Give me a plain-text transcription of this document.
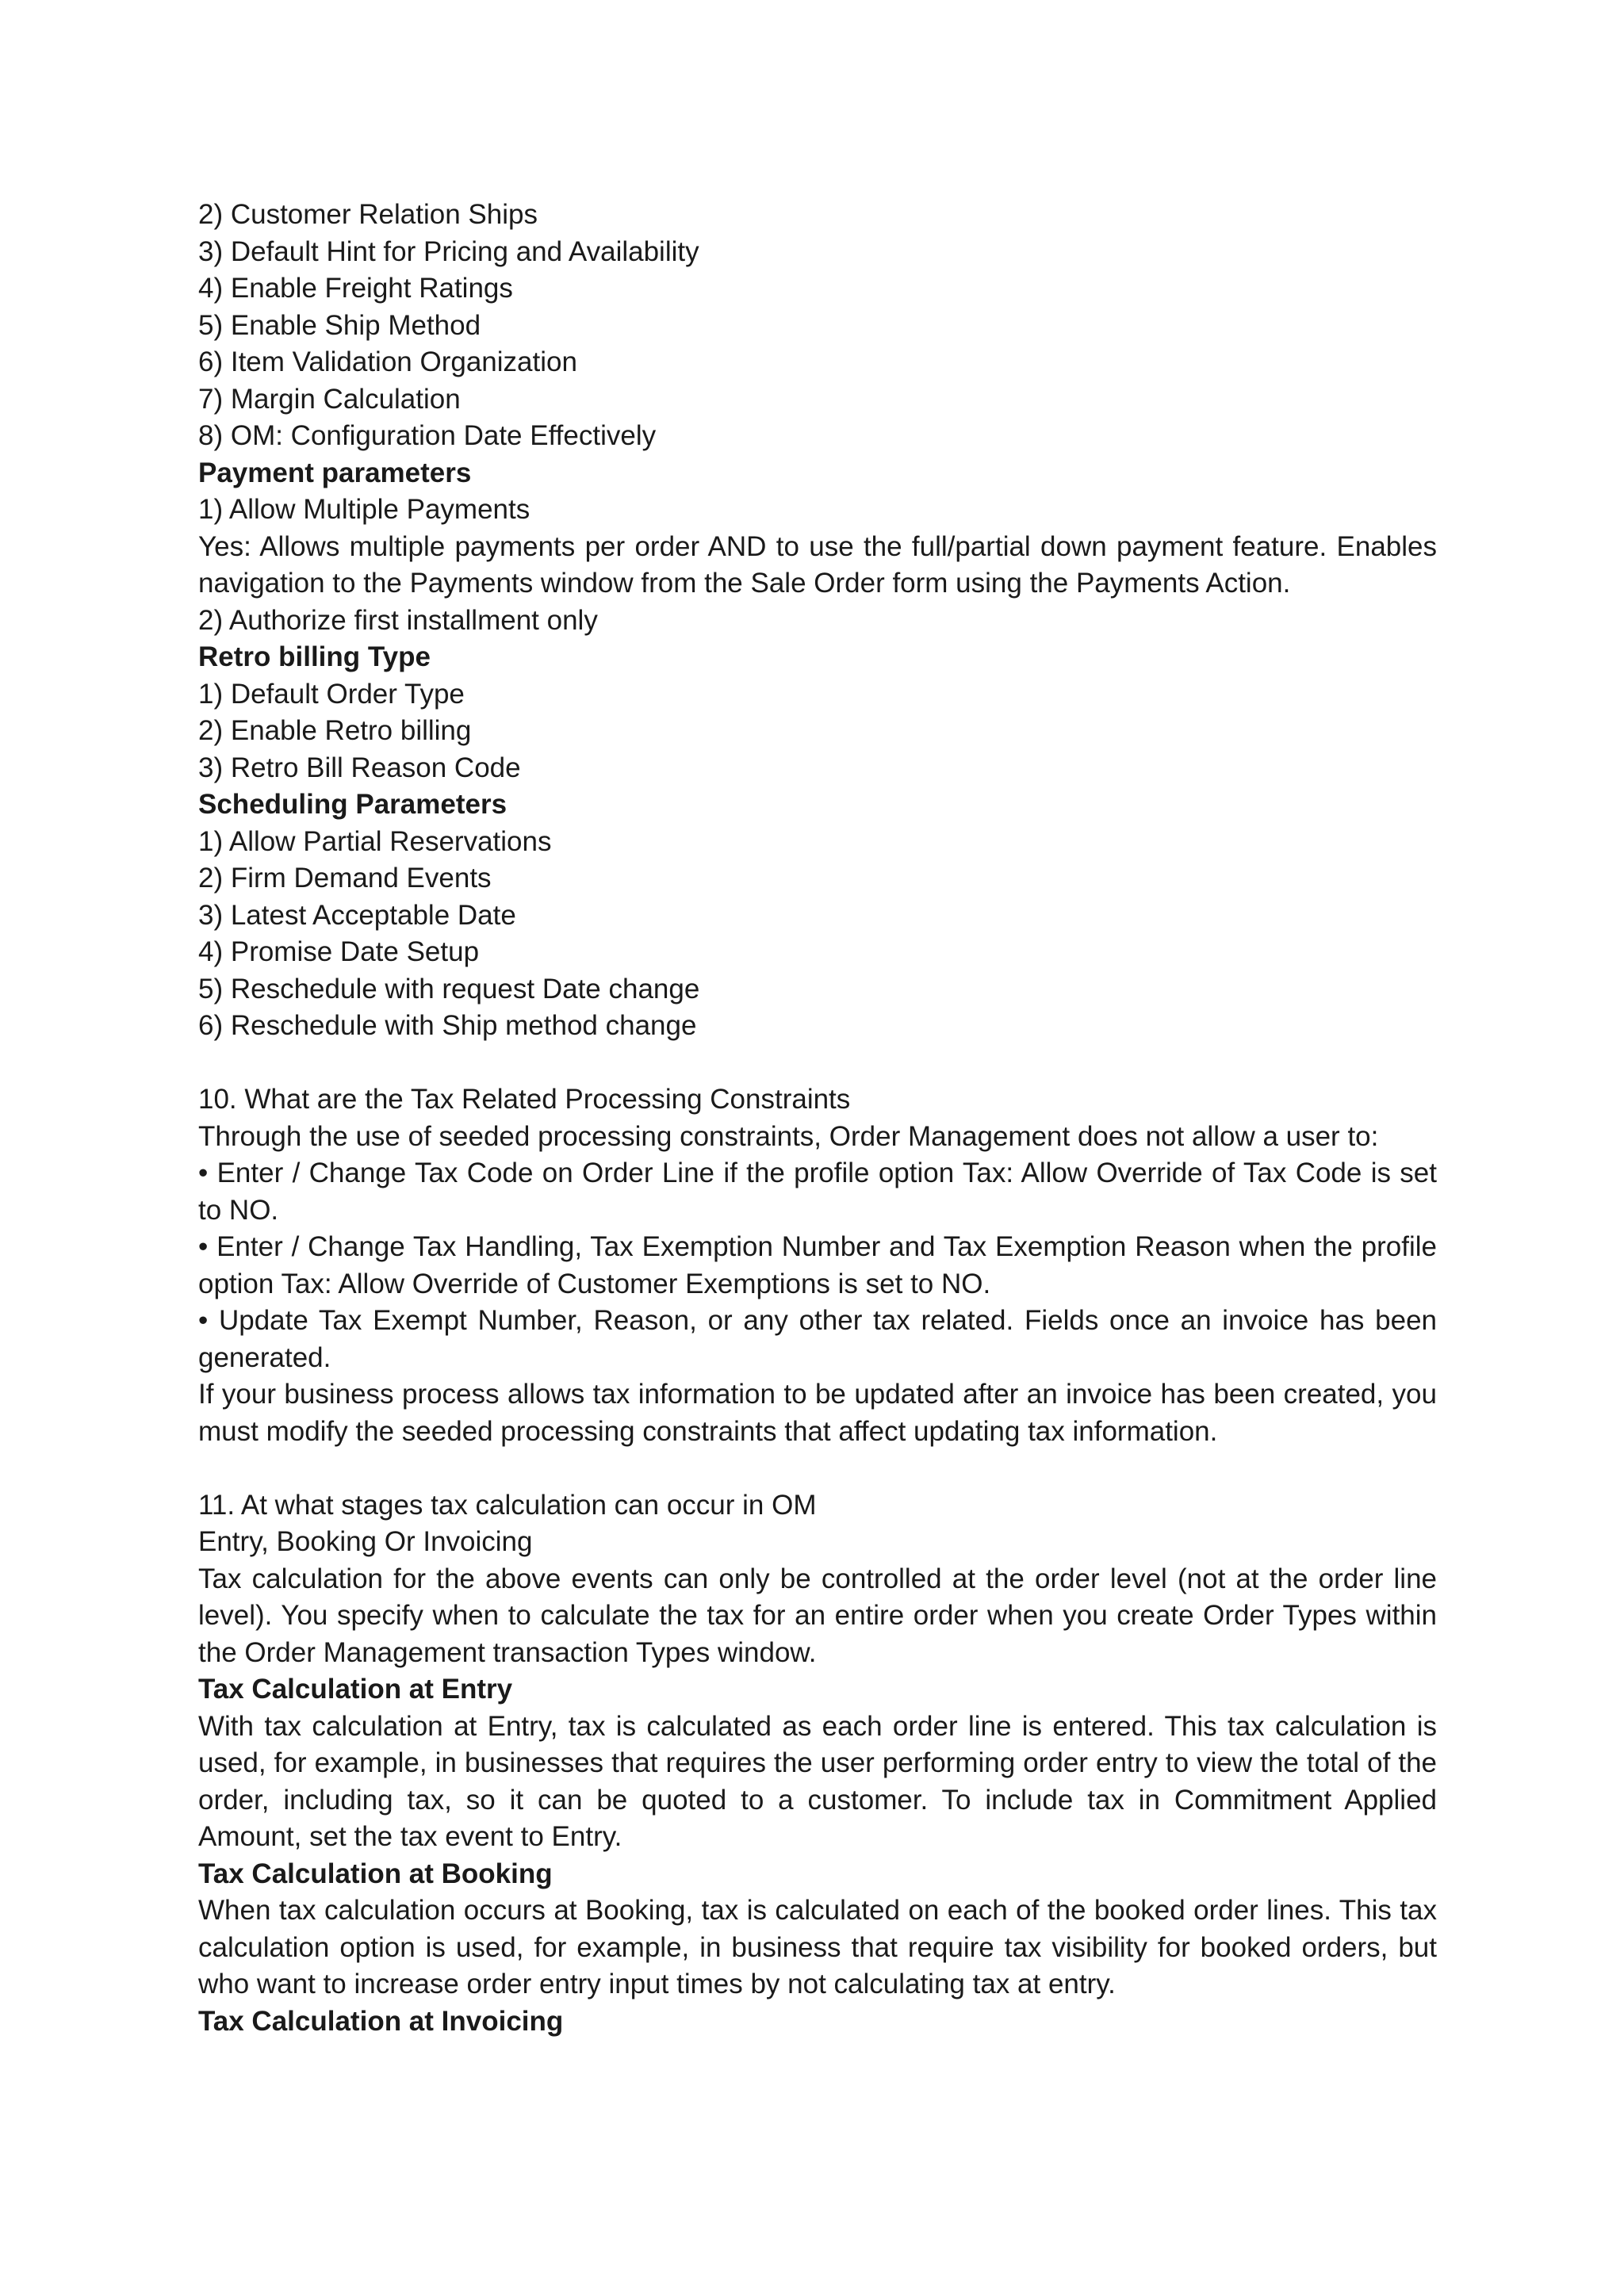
2) Customer Relation Ships

3) Default Hint for Pricing and Availability

4) Enable Freight Ratings

5) Enable Ship Method

6) Item Validation Organization

7) Margin Calculation

8) OM: Configuration Date Effectively

Payment parameters

1) Allow Multiple Payments

Yes: Allows multiple payments per order AND to use the full/partial down payment feature. Enables navigation to the Payments window from the Sale Order form using the Payments Action.

2) Authorize first installment only

Retro billing Type

1) Default Order Type

2) Enable Retro billing

3) Retro Bill Reason Code

Scheduling Parameters

1) Allow Partial Reservations

2) Firm Demand Events

3) Latest Acceptable Date

4) Promise Date Setup

5) Reschedule with request Date change

6) Reschedule with Ship method change

10. What are the Tax Related Processing Constraints

Through the use of seeded processing constraints, Order Management does not allow a user to:

• Enter / Change Tax Code on Order Line if the profile option Tax: Allow Override of Tax Code is set to NO.

• Enter / Change Tax Handling, Tax Exemption Number and Tax Exemption Reason when the profile option Tax: Allow Override of Customer Exemptions is set to NO.

• Update Tax Exempt Number, Reason, or any other tax related. Fields once an invoice has been generated.

If your business process allows tax information to be updated after an invoice has been created, you must modify the seeded processing constraints that affect updating tax information.

11. At what stages tax calculation can occur in OM

Entry, Booking Or Invoicing

Tax calculation for the above events can only be controlled at the order level (not at the order line level). You specify when to calculate the tax for an entire order when you create Order Types within the Order Management transaction Types window.

Tax Calculation at Entry

With tax calculation at Entry, tax is calculated as each order line is entered. This tax calculation is used, for example, in businesses that requires the user performing order entry to view the total of the order, including tax, so it can be quoted to a customer. To include tax in Commitment Applied Amount, set the tax event to Entry.

Tax Calculation at Booking

When tax calculation occurs at Booking, tax is calculated on each of the booked order lines. This tax calculation option is used, for example, in business that require tax visibility for booked orders, but who want to increase order entry input times by not calculating tax at entry.

Tax Calculation at Invoicing
